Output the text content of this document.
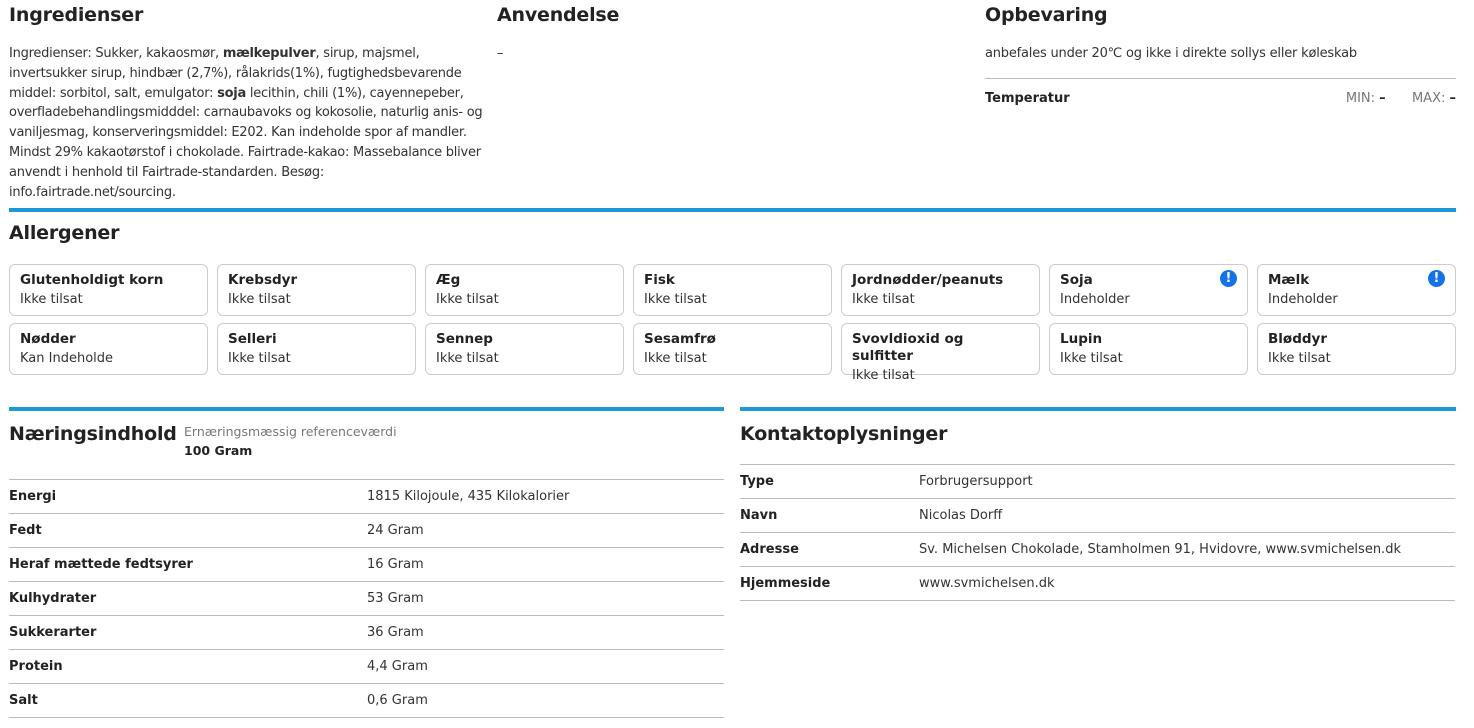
Ingredienser
Ingredienser: Sukker, kakaosmør, mælkepulver, sirup, majsmel, invertsukker sirup, hindbær (2,7%), rålakrids(1%), fugtighedsbevarende middel: sorbitol, salt, emulgator: soja lecithin, chili (1%), cayennepeber, overfladebehandlingsmidddel: carnaubavoks og kokosolie, naturlig anis- og vaniljesmag, konserveringsmiddel: E202. Kan indeholde spor af mandler. Mindst 29% kakaotørstof i chokolade. Fairtrade-kakao: Massebalance bliver anvendt i henhold til Fairtrade-standarden. Besøg: info.fairtrade.net/sourcing.
Anvendelse
–
Opbevaring
anbefales under 20℃ og ikke i direkte sollys eller køleskab
Temperatur	MIN: – MAX: –
Allergener
Glutenholdigt korn
Ikke tilsat
Krebsdyr
Ikke tilsat
Æg
Ikke tilsat
Fisk
Ikke tilsat
Jordnødder/peanuts
Ikke tilsat
Soja
Indeholder
!	Mælk
Indeholder
!
Nødder
Kan Indeholde
Selleri
Ikke tilsat
Sennep
Ikke tilsat
Sesamfrø
Ikke tilsat
Svovldioxid og sulfitter
Ikke tilsat
Lupin
Ikke tilsat
Bløddyr
Ikke tilsat
Næringsindhold Ernæringsmæssig referenceværdi
100 Gram
Energi	1815 Kilojoule, 435 Kilokalorier
Fedt	24 Gram
Heraf mættede fedtsyrer	16 Gram
Kulhydrater	53 Gram
Sukkerarter	36 Gram
Protein	4,4 Gram
Salt	0,6 Gram
Kontaktoplysninger
Type	Forbrugersupport
Navn	Nicolas Dorff
Adresse	Sv. Michelsen Chokolade, Stamholmen 91, Hvidovre, www.svmichelsen.dk
Hjemmeside	www.svmichelsen.dk
